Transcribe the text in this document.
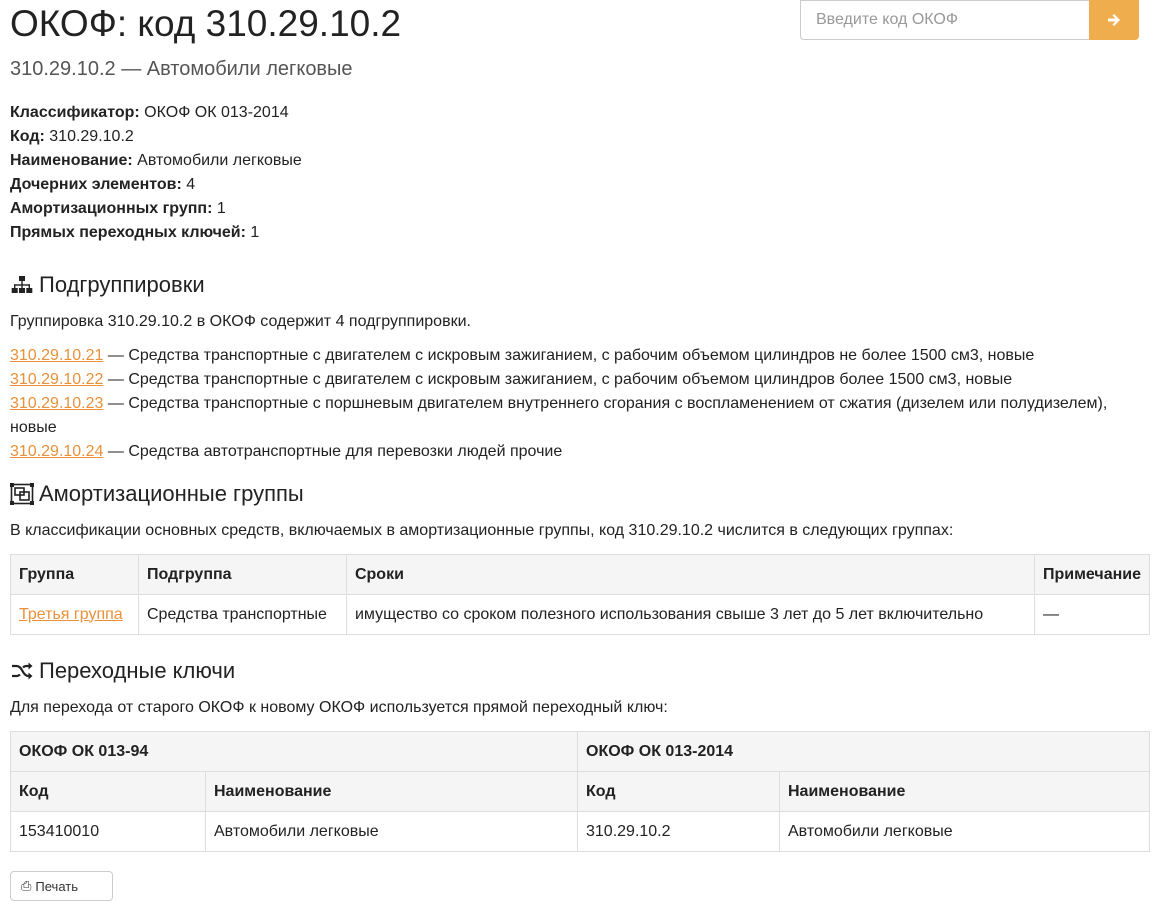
ОКОФ: код 310.29.10.2
310.29.10.2 — Автомобили легковые
Введите код ОКОФ
Классификатор: ОКОФ ОК 013-2014
Код: 310.29.10.2
Наименование: Автомобили легковые
Дочерних элементов: 4
Амортизационных групп: 1
Прямых переходных ключей: 1
Подгруппировки
Группировка 310.29.10.2 в ОКОФ содержит 4 подгруппировки.
310.29.10.21 — Средства транспортные с двигателем с искровым зажиганием, с рабочим объемом цилиндров не более 1500 см3, новые
310.29.10.22 — Средства транспортные с двигателем с искровым зажиганием, с рабочим объемом цилиндров более 1500 см3, новые
310.29.10.23 — Средства транспортные с поршневым двигателем внутреннего сгорания с воспламенением от сжатия (дизелем или полудизелем), новые
310.29.10.24 — Средства автотранспортные для перевозки людей прочие
Амортизационные группы
В классификации основных средств, включаемых в амортизационные группы, код 310.29.10.2 числится в следующих группах:
Группа	Подгруппа	Сроки	Примечание
Третья группа	Средства транспортные	имущество со сроком полезного использования свыше 3 лет до 5 лет включительно	—
Переходные ключи
Для перехода от старого ОКОФ к новому ОКОФ используется прямой переходный ключ:
ОКОФ ОК 013-94		ОКОФ ОК 013-2014	
Код	Наименование	Код	Наименование
153410010	Автомобили легковые	310.29.10.2	Автомобили легковые
⎙ Печать
